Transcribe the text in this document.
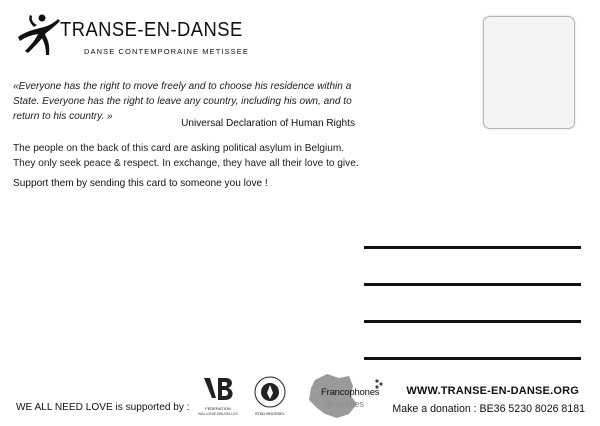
TRANSE-EN-DANSE

DANSE CONTEMPORAINE METISSEE

«Everyone has the right to move freely and to choose his residence within a State. Everyone has the right to leave any country, including his own, and to return to his country. »

Universal Declaration of Human Rights

The people on the back of this card are asking political asylum in Belgium. They only seek peace & respect. In exchange, they have all their love to give.

Support them by sending this card to someone you love !

WE ALL NEED LOVE is supported by :	FEDERATION
WALLONIE-BRUXELLES	STAD BRUSSEL

Francophones

Bruxelles

WWW.TRANSE-EN-DANSE.ORG

Make a donation : BE36 5230 8026 8181
